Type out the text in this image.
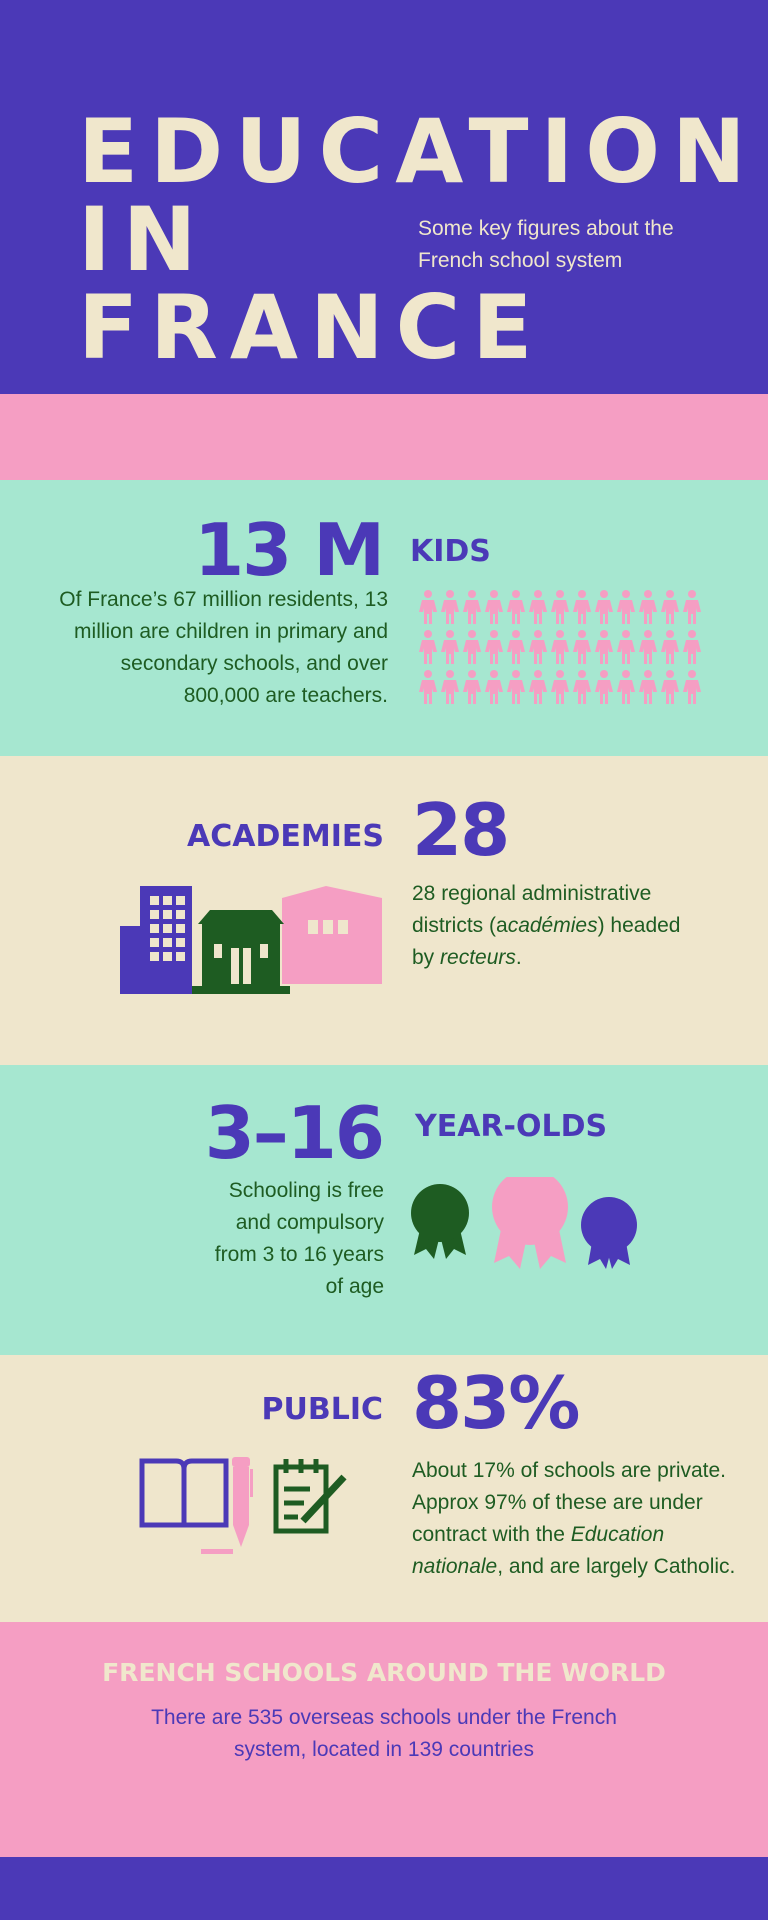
EDUCATION
IN
FRANCE
Some key figures about the French school system
13 M KIDS
Of France’s 67 million residents, 13 million are children in primary and secondary schools, and over 800,000 are teachers.
ACADEMIES 28
28 regional administrative districts (académies) headed by recteurs.
3–16 YEAR-OLDS
Schooling is free and compulsory from 3 to 16 years of age
PUBLIC 83%
About 17% of schools are private. Approx 97% of these are under contract with the Education nationale, and are largely Catholic.
FRENCH SCHOOLS AROUND THE WORLD
There are 535 overseas schools under the French system, located in 139 countries
